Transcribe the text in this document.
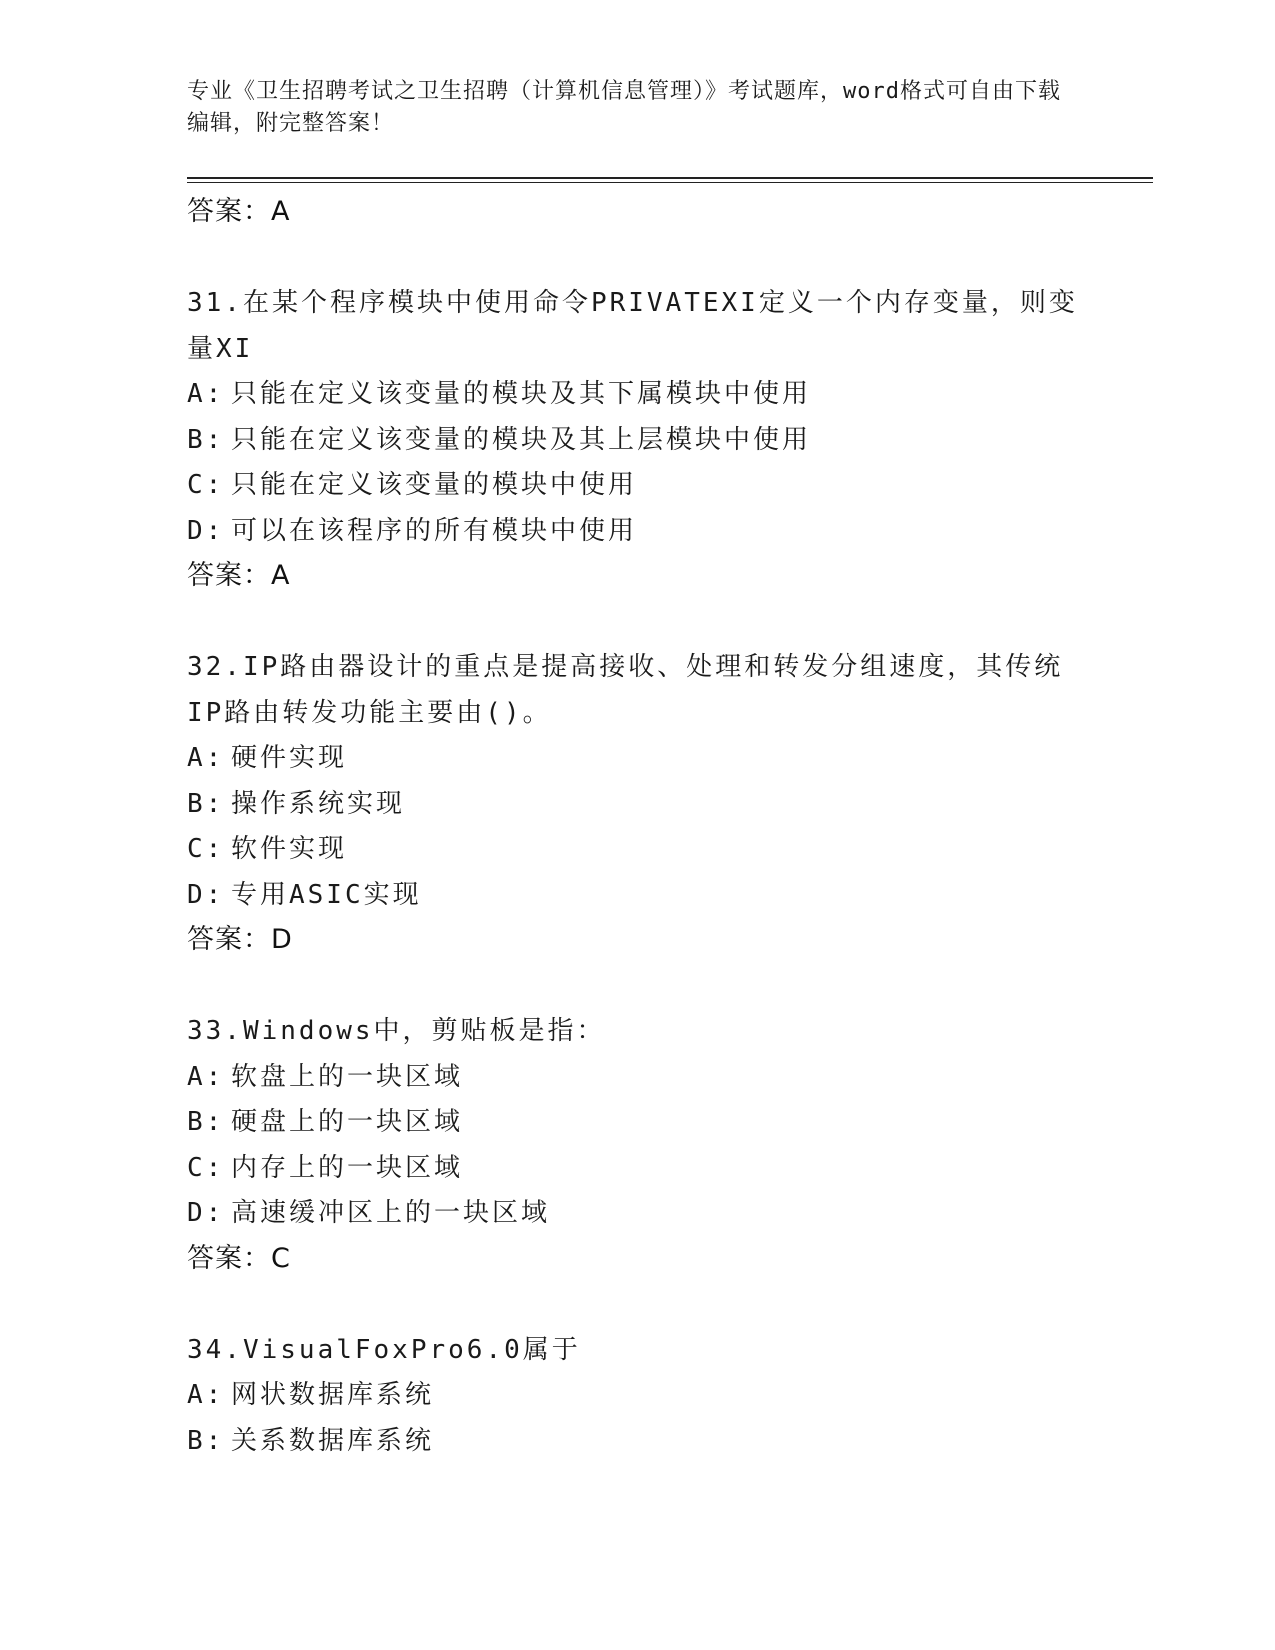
专业《卫生招聘考试之卫生招聘（计算机信息管理）》考试题库，word格式可自由下载编辑，附完整答案！
答案：A
31.在某个程序模块中使用命令PRIVATEXI定义一个内存变量，则变量XI
A: 只能在定义该变量的模块及其下属模块中使用
B: 只能在定义该变量的模块及其上层模块中使用
C: 只能在定义该变量的模块中使用
D: 可以在该程序的所有模块中使用
答案：A
32.IP路由器设计的重点是提高接收、处理和转发分组速度，其传统IP路由转发功能主要由()。
A: 硬件实现
B: 操作系统实现
C: 软件实现
D: 专用ASIC实现
答案：D
33.Windows中，剪贴板是指：
A: 软盘上的一块区域
B: 硬盘上的一块区域
C: 内存上的一块区域
D: 高速缓冲区上的一块区域
答案：C
34.VisualFoxPro6.0属于
A: 网状数据库系统
B: 关系数据库系统
